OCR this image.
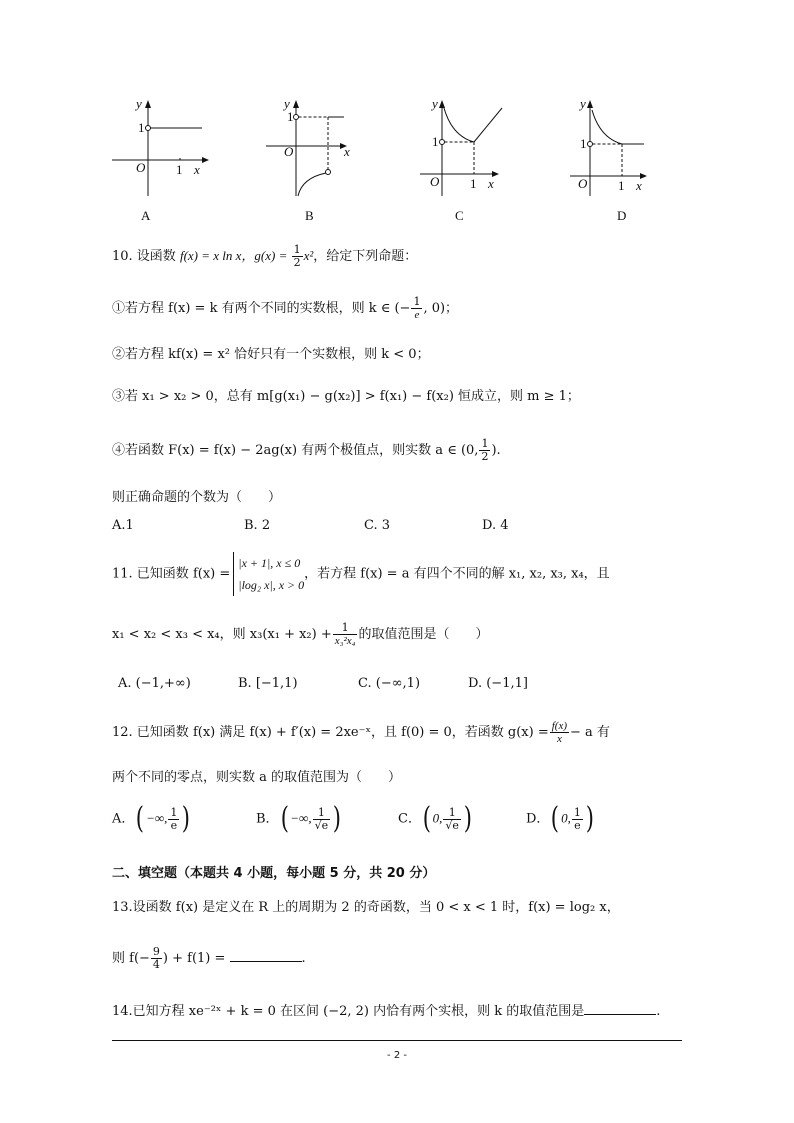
y
1
O 1 x
y
1
O	x
y
1
O 1 x
y
1
O 1 x
A	B	C	D
10. 设函数 f(x) = x ln x，$g(x) = \frac{1}{2} x^2$，给定下列命题：
①若方程 f(x) = k 有两个不同的实数根，则 k ∈ (− $\frac{1}{e}$ , 0)；
②若方程 kf(x) = x² 恰好只有一个实数根，则 k < 0；
③若 x₁ > x₂ > 0，总有 m[g(x₁) − g(x₂)] > f(x₁) − f(x₂) 恒成立，则 m ≥ 1；
④若函数 F(x) = f(x) − 2ag(x) 有两个极值点，则实数 a ∈ (0, $\frac{1}{2}$ ).
则正确命题的个数为（　　）
A.1	B. 2	C. 3	D. 4
11. 已知函数 f(x) =
|x + 1|, x ≤ 0
|log₂ x|, x > 0
，若方程 f(x) = a 有四个不同的解 x₁, x₂, x₃, x₄，且
x₁ < x₂ < x₃ < x₄，则 $x_3(x_1 + x_2) + \frac{1}{\text{x₃²x₄}}$ 的取值范围是（　　）
A. (−1,+∞)	B. [−1,1)	C. (−∞,1)	D. (−1,1]
12. 已知函数 f(x) 满足 f(x) + f′(x) = 2xe⁻ˣ，且 f(0) = 0，若函数 $g(x) = \frac{f(x)}{x} - a$ 有
两个不同的零点，则实数 a 的取值范围为（　　）
A．( −∞, $\frac{1}{e}$ )	B．( −∞, $\frac{1}{√e}$ )	C．( 0, $\frac{1}{√e}$ )	D．( 0, $\frac{1}{e}$ )
二、填空题（本题共 4 小题，每小题 5 分，共 20 分）
13.设函数 f(x) 是定义在 R 上的周期为 2 的奇函数，当 0 < x < 1 时，f(x) = log₂ x，
则 $f(- \frac{9}{4}$ ) + f(1) =	.
14.已知方程 xe⁻²ˣ + k = 0 在区间 (−2, 2) 内恰有两个实根，则 k 的取值范围是	.
- 2 -
